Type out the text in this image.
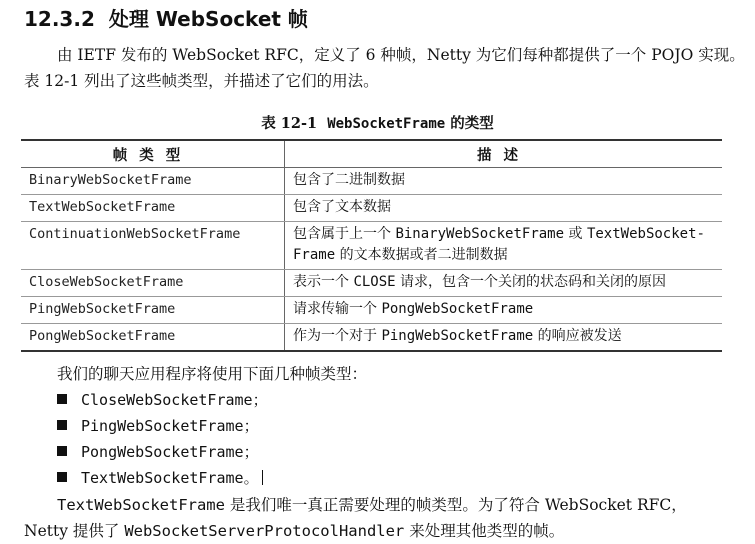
12.3.2 处理 WebSocket 帧
由 IETF 发布的 WebSocket RFC，定义了 6 种帧，Netty 为它们每种都提供了一个 POJO 实现。
表 12-1 列出了这些帧类型，并描述了它们的用法。
表 12-1 WebSocketFrame 的类型
帧类型	描述
BinaryWebSocketFrame	包含了二进制数据
TextWebSocketFrame	包含了文本数据
ContinuationWebSocketFrame	包含属于上一个 BinaryWebSocketFrame 或 TextWebSocket-Frame 的文本数据或者二进制数据
CloseWebSocketFrame	表示一个 CLOSE 请求，包含一个关闭的状态码和关闭的原因
PingWebSocketFrame	请求传输一个 PongWebSocketFrame
PongWebSocketFrame	作为一个对于 PingWebSocketFrame 的响应被发送
我们的聊天应用程序将使用下面几种帧类型：
CloseWebSocketFrame；
PingWebSocketFrame；
PongWebSocketFrame；
TextWebSocketFrame。
TextWebSocketFrame 是我们唯一真正需要处理的帧类型。为了符合 WebSocket RFC，
Netty 提供了 WebSocketServerProtocolHandler 来处理其他类型的帧。
